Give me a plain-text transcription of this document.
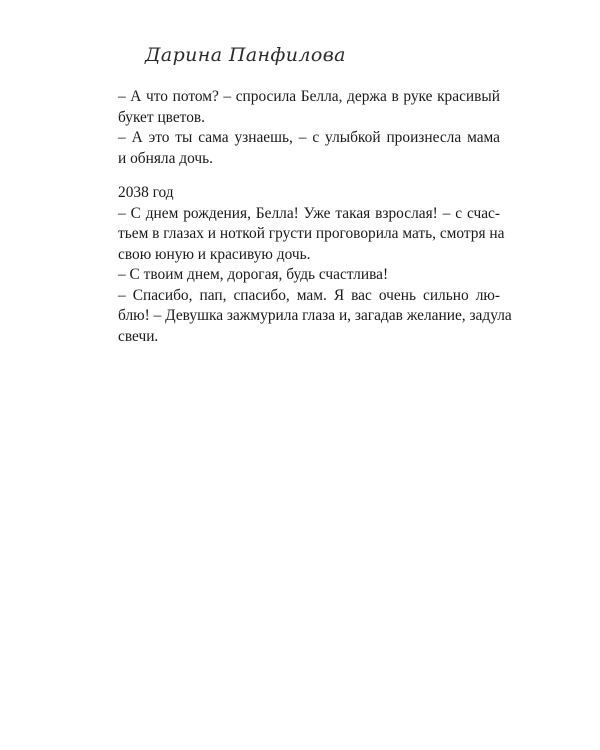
Дарина Панфилова
– А что потом? – спросила Белла, держа в руке красивый
букет цветов.
– А это ты сама узнаешь, – с улыбкой произнесла мама
и обняла дочь.
2038 год
– С днем рождения, Белла! Уже такая взрослая! – с счас-
тьем в глазах и ноткой грусти проговорила мать, смотря на
свою юную и красивую дочь.
– С твоим днем, дорогая, будь счастлива!
– Спасибо, пап, спасибо, мам. Я вас очень сильно лю-
блю! – Девушка зажмурила глаза и, загадав желание, задула
свечи.
